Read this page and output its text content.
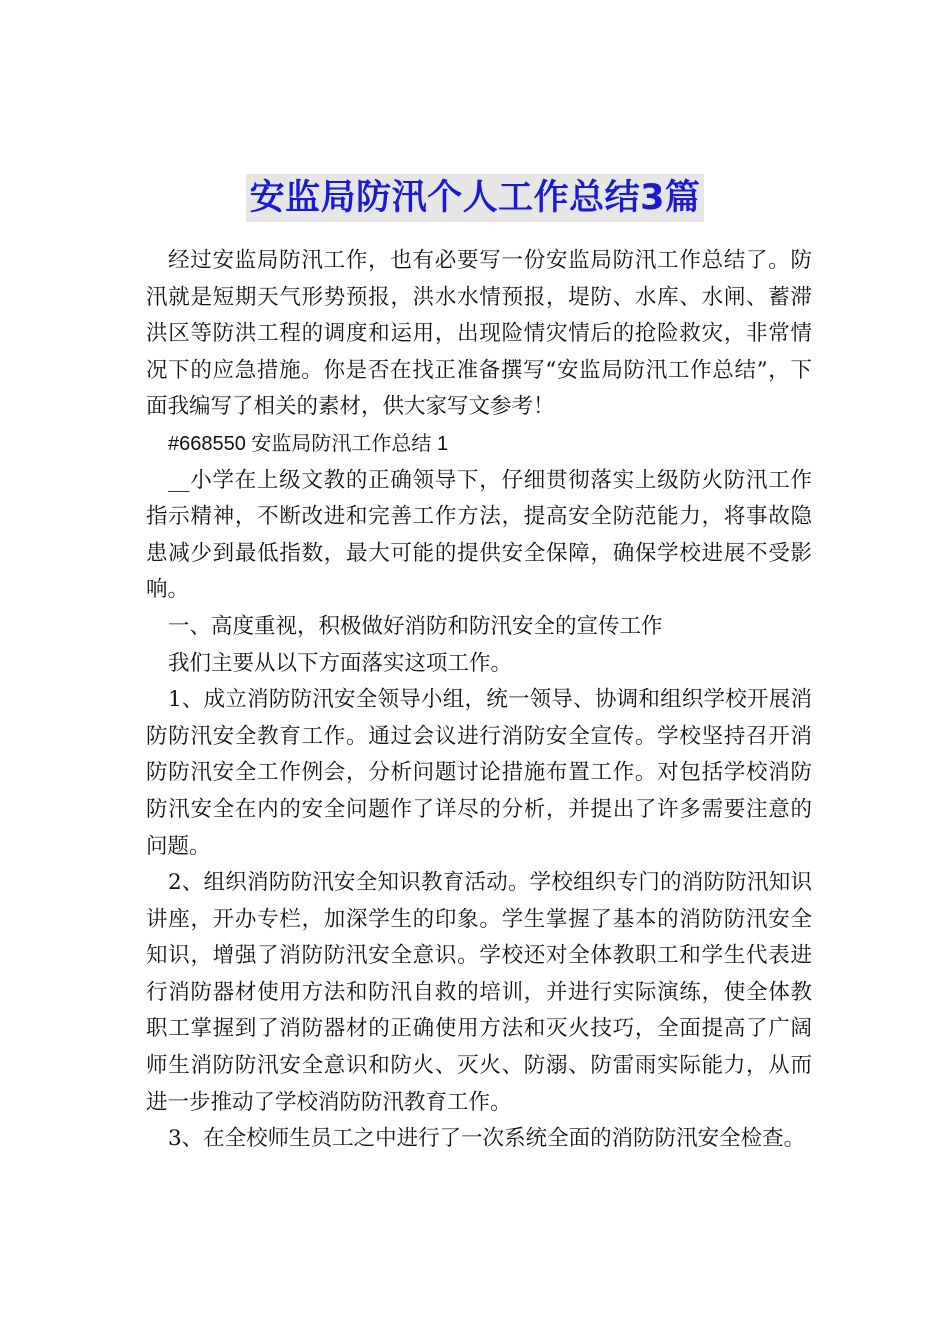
安监局防汛个人工作总结3篇

经过安监局防汛工作，也有必要写一份安监局防汛工作总结了。防汛就是短期天气形势预报，洪水水情预报，堤防、水库、水闸、蓄滞洪区等防洪工程的调度和运用，出现险情灾情后的抢险救灾，非常情况下的应急措施。你是否在找正准备撰写“安监局防汛工作总结”，下面我编写了相关的素材，供大家写文参考！

#668550 安监局防汛工作总结 1

__小学在上级文教的正确领导下，仔细贯彻落实上级防火防汛工作指示精神，不断改进和完善工作方法，提高安全防范能力，将事故隐患减少到最低指数，最大可能的提供安全保障，确保学校进展不受影响。

一、高度重视，积极做好消防和防汛安全的宣传工作

我们主要从以下方面落实这项工作。

1、成立消防防汛安全领导小组，统一领导、协调和组织学校开展消防防汛安全教育工作。通过会议进行消防安全宣传。学校坚持召开消防防汛安全工作例会，分析问题讨论措施布置工作。对包括学校消防防汛安全在内的安全问题作了详尽的分析，并提出了许多需要注意的问题。

2、组织消防防汛安全知识教育活动。学校组织专门的消防防汛知识讲座，开办专栏，加深学生的印象。学生掌握了基本的消防防汛安全知识，增强了消防防汛安全意识。学校还对全体教职工和学生代表进行消防器材使用方法和防汛自救的培训，并进行实际演练，使全体教职工掌握到了消防器材的正确使用方法和灭火技巧，全面提高了广阔师生消防防汛安全意识和防火、灭火、防溺、防雷雨实际能力，从而进一步推动了学校消防防汛教育工作。

3、在全校师生员工之中进行了一次系统全面的消防防汛安全检查。
